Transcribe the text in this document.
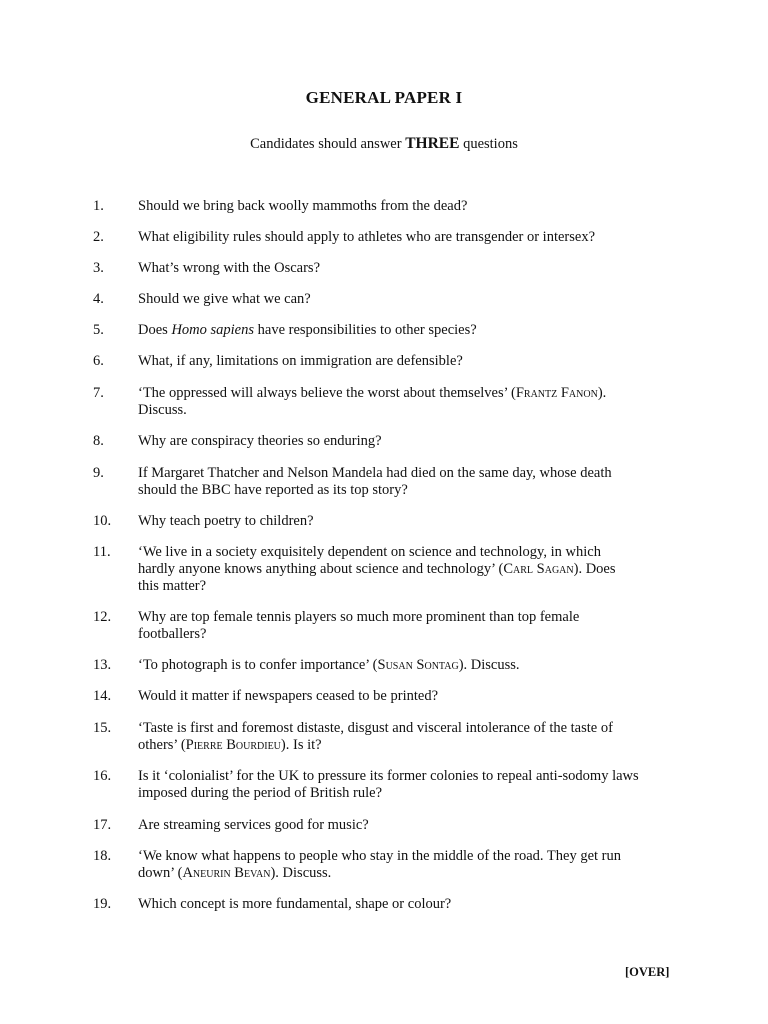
GENERAL PAPER I
Candidates should answer THREE questions
1. Should we bring back woolly mammoths from the dead?
2. What eligibility rules should apply to athletes who are transgender or intersex?
3. What’s wrong with the Oscars?
4. Should we give what we can?
5. Does Homo sapiens have responsibilities to other species?
6. What, if any, limitations on immigration are defensible?
7. ‘The oppressed will always believe the worst about themselves’ (Frantz Fanon).
Discuss.
8. Why are conspiracy theories so enduring?
9. If Margaret Thatcher and Nelson Mandela had died on the same day, whose death
should the BBC have reported as its top story?
10. Why teach poetry to children?
11. ‘We live in a society exquisitely dependent on science and technology, in which
hardly anyone knows anything about science and technology’ (Carl Sagan). Does
this matter?
12. Why are top female tennis players so much more prominent than top female
footballers?
13. ‘To photograph is to confer importance’ (Susan Sontag). Discuss.
14. Would it matter if newspapers ceased to be printed?
15. ‘Taste is first and foremost distaste, disgust and visceral intolerance of the taste of
others’ (Pierre Bourdieu). Is it?
16. Is it ‘colonialist’ for the UK to pressure its former colonies to repeal anti-sodomy laws
imposed during the period of British rule?
17. Are streaming services good for music?
18. ‘We know what happens to people who stay in the middle of the road. They get run
down’ (Aneurin Bevan). Discuss.
19. Which concept is more fundamental, shape or colour?
[OVER]
